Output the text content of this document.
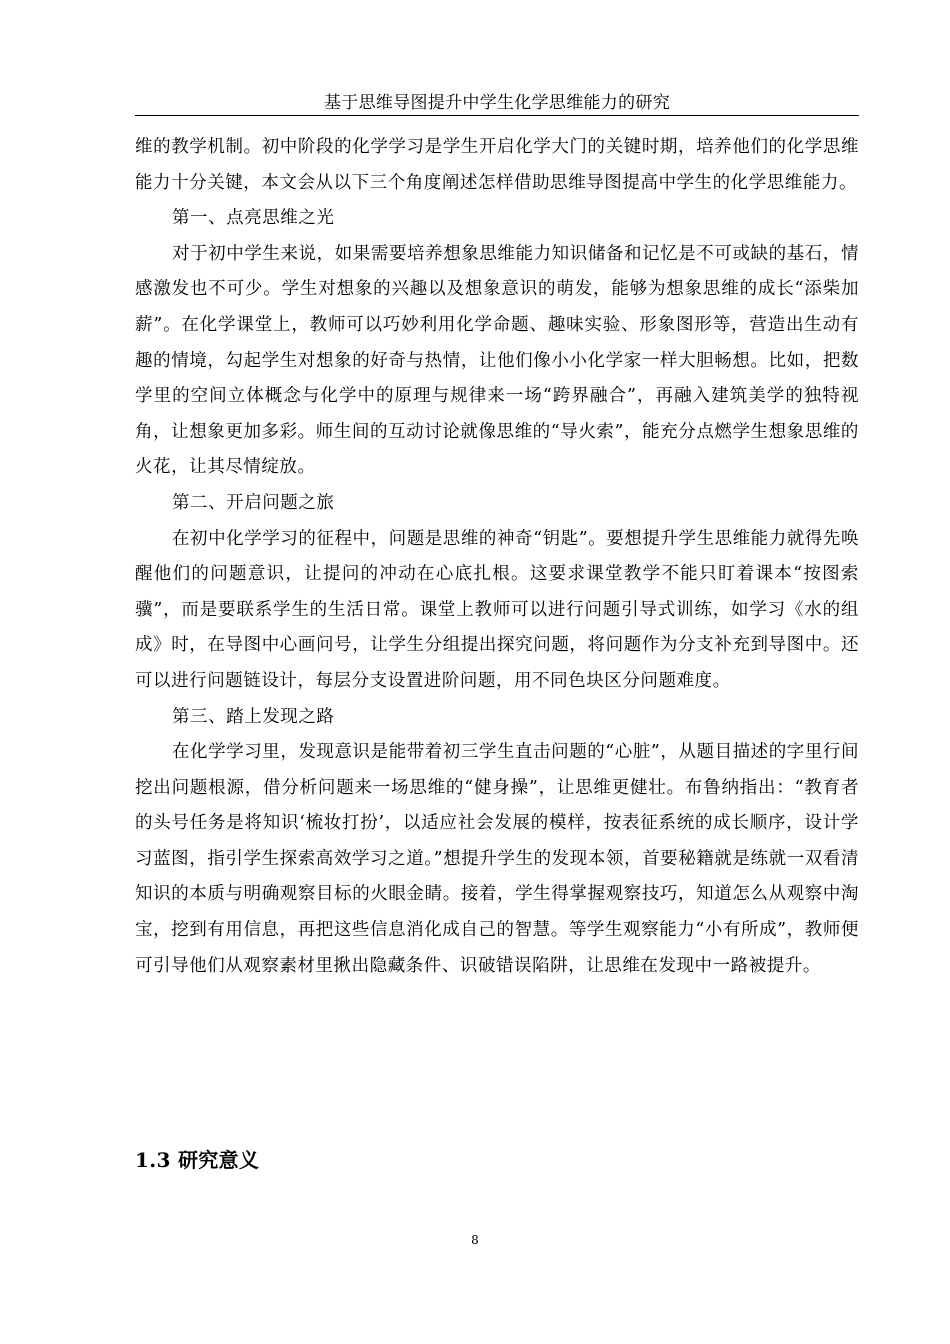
基于思维导图提升中学生化学思维能力的研究

维的教学机制。初中阶段的化学学习是学生开启化学大门的关键时期，培养他们的化学思维能力十分关键，本文会从以下三个角度阐述怎样借助思维导图提高中学生的化学思维能力。

第一、点亮思维之光

对于初中学生来说，如果需要培养想象思维能力知识储备和记忆是不可或缺的基石，情感激发也不可少。学生对想象的兴趣以及想象意识的萌发，能够为想象思维的成长“添柴加薪”。在化学课堂上，教师可以巧妙利用化学命题、趣味实验、形象图形等，营造出生动有趣的情境，勾起学生对想象的好奇与热情，让他们像小小化学家一样大胆畅想。比如，把数学里的空间立体概念与化学中的原理与规律来一场“跨界融合”，再融入建筑美学的独特视角，让想象更加多彩。师生间的互动讨论就像思维的“导火索”，能充分点燃学生想象思维的火花，让其尽情绽放。

第二、开启问题之旅

在初中化学学习的征程中，问题是思维的神奇“钥匙”。要想提升学生思维能力就得先唤醒他们的问题意识，让提问的冲动在心底扎根。这要求课堂教学不能只盯着课本“按图索骥”，而是要联系学生的生活日常。课堂上教师可以进行问题引导式训练，如学习《水的组成》时，在导图中心画问号，让学生分组提出探究问题，将问题作为分支补充到导图中。还可以进行问题链设计，每层分支设置进阶问题，用不同色块区分问题难度。

第三、踏上发现之路

在化学学习里，发现意识是能带着初三学生直击问题的“心脏”，从题目描述的字里行间挖出问题根源，借分析问题来一场思维的“健身操”，让思维更健壮。布鲁纳指出：“教育者的头号任务是将知识‘梳妆打扮’，以适应社会发展的模样，按表征系统的成长顺序，设计学习蓝图，指引学生探索高效学习之道。”想提升学生的发现本领，首要秘籍就是练就一双看清知识的本质与明确观察目标的火眼金睛。接着，学生得掌握观察技巧，知道怎么从观察中淘宝，挖到有用信息，再把这些信息消化成自己的智慧。等学生观察能力“小有所成”，教师便可引导他们从观察素材里揪出隐藏条件、识破错误陷阱，让思维在发现中一路被提升。

1.3 研究意义
8
